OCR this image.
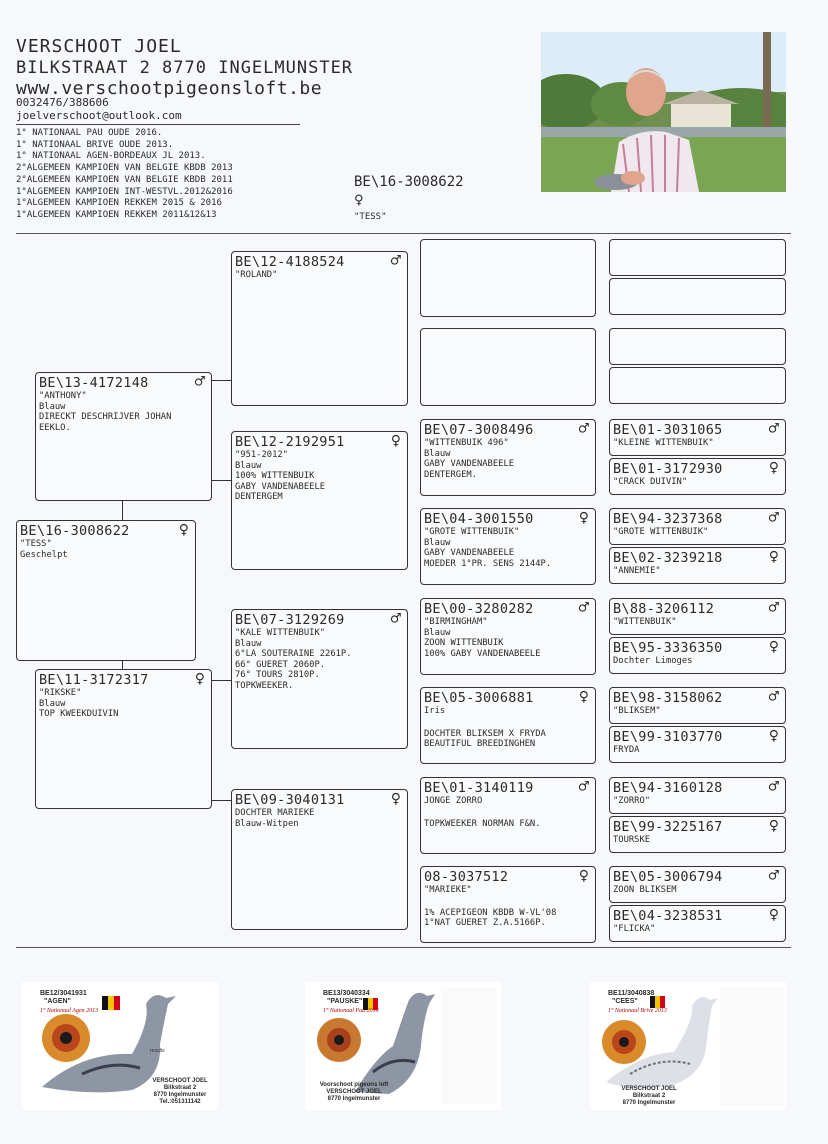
VERSCHOOT JOEL
BILKSTRAAT 2 8770 INGELMUNSTER
www.verschootpigeonsloft.be
0032476/388606
joelverschoot@outlook.com
1° NATIONAAL PAU OUDE 2016.
1° NATIONAAL BRIVE OUDE 2013.
1° NATIONAAL AGEN-BORDEAUX JL 2013.
2°ALGEMEEN KAMPIOEN VAN BELGIE KBDB 2013
2°ALGEMEEN KAMPIOEN VAN BELGIE KBDB 2011
1°ALGEMEEN KAMPIOEN INT-WESTVL.2012&2016
1°ALGEMEEN KAMPIOEN REKKEM 2015 & 2016
1°ALGEMEEN KAMPIOEN REKKEM 2011&12&13
BE\16-3008622
♀
"TESS"
BE\16-3008622	♀
"TESS"
Geschelpt
BE\13-4172148	♂
"ANTHONY"
Blauw
DIRECKT DESCHRIJVER JOHAN
EEKLO.
BE\11-3172317	♀
"RIKSKE"
Blauw
TOP KWEEKDUIVIN
BE\12-4188524	♂
"ROLAND"
BE\12-2192951	♀
"951-2012"
Blauw
100% WITTENBUIK
GABY VANDENABEELE
DENTERGEM
BE\07-3129269	♂
"KALE WITTENBUIK"
Blauw
6°LA SOUTERAINE 2261P.
66° GUERET 2060P.
76° TOURS 2810P.
TOPKWEEKER.
BE\09-3040131	♀
DOCHTER MARIEKE
Blauw-Witpen
BE\07-3008496	♂
"WITTENBUIK 496"
Blauw
GABY VANDENABEELE
DENTERGEM.
BE\04-3001550	♀
"GROTE WITTENBUIK"
Blauw
GABY VANDENABEELE
MOEDER 1°PR. SENS 2144P.
BE\00-3280282	♂
"BIRMINGHAM"
Blauw
ZOON WITTENBUIK
100% GABY VANDENABEELE
BE\05-3006881	♀
Iris
DOCHTER BLIKSEM X FRYDA
BEAUTIFUL BREEDINGHEN
BE\01-3140119	♂
JONGE ZORRO
TOPKWEEKER NORMAN F&N.
08-3037512	♀
"MARIEKE"
1% ACEPIGEON KBDB W-VL'08
1°NAT GUERET Z.A.5166P.
BE\01-3031065	♂
"KLEINE WITTENBUIK"
BE\01-3172930	♀
"CRACK DUIVIN"
BE\94-3237368	♂
"GROTE WITTENBUIK"
BE\02-3239218	♀
"ANNEMIE"
B\88-3206112	♂
"WITTENBUIK"
BE\95-3336350	♀
Dochter Limoges
BE\98-3158062	♂
"BLIKSEM"
BE\99-3103770	♀
FRYDA
BE\94-3160128	♂
"ZORRO"
BE\99-3225167	♀
TOURSKE
BE\05-3006794	♂
ZOON BLIKSEM
BE\04-3238531	♀
"FLICKA"
results
BE12/3041931
"AGEN"
1° Nationaal Agen 2013
VERSCHOOT JOEL
Bilkstraat 2
8770 Ingelmunster
Tel.:051311142
BE13/3040334
"PAUSKE"
1° Nationaal Pau 2016
Voorschoot pigeons loft
VERSCHOOT JOEL
8770 Ingelmunster
BE11/3040838
"CEES"
1° Nationaal Brive 2013
VERSCHOOT JOEL
Bilkstraat 2
8770 Ingelmunster
